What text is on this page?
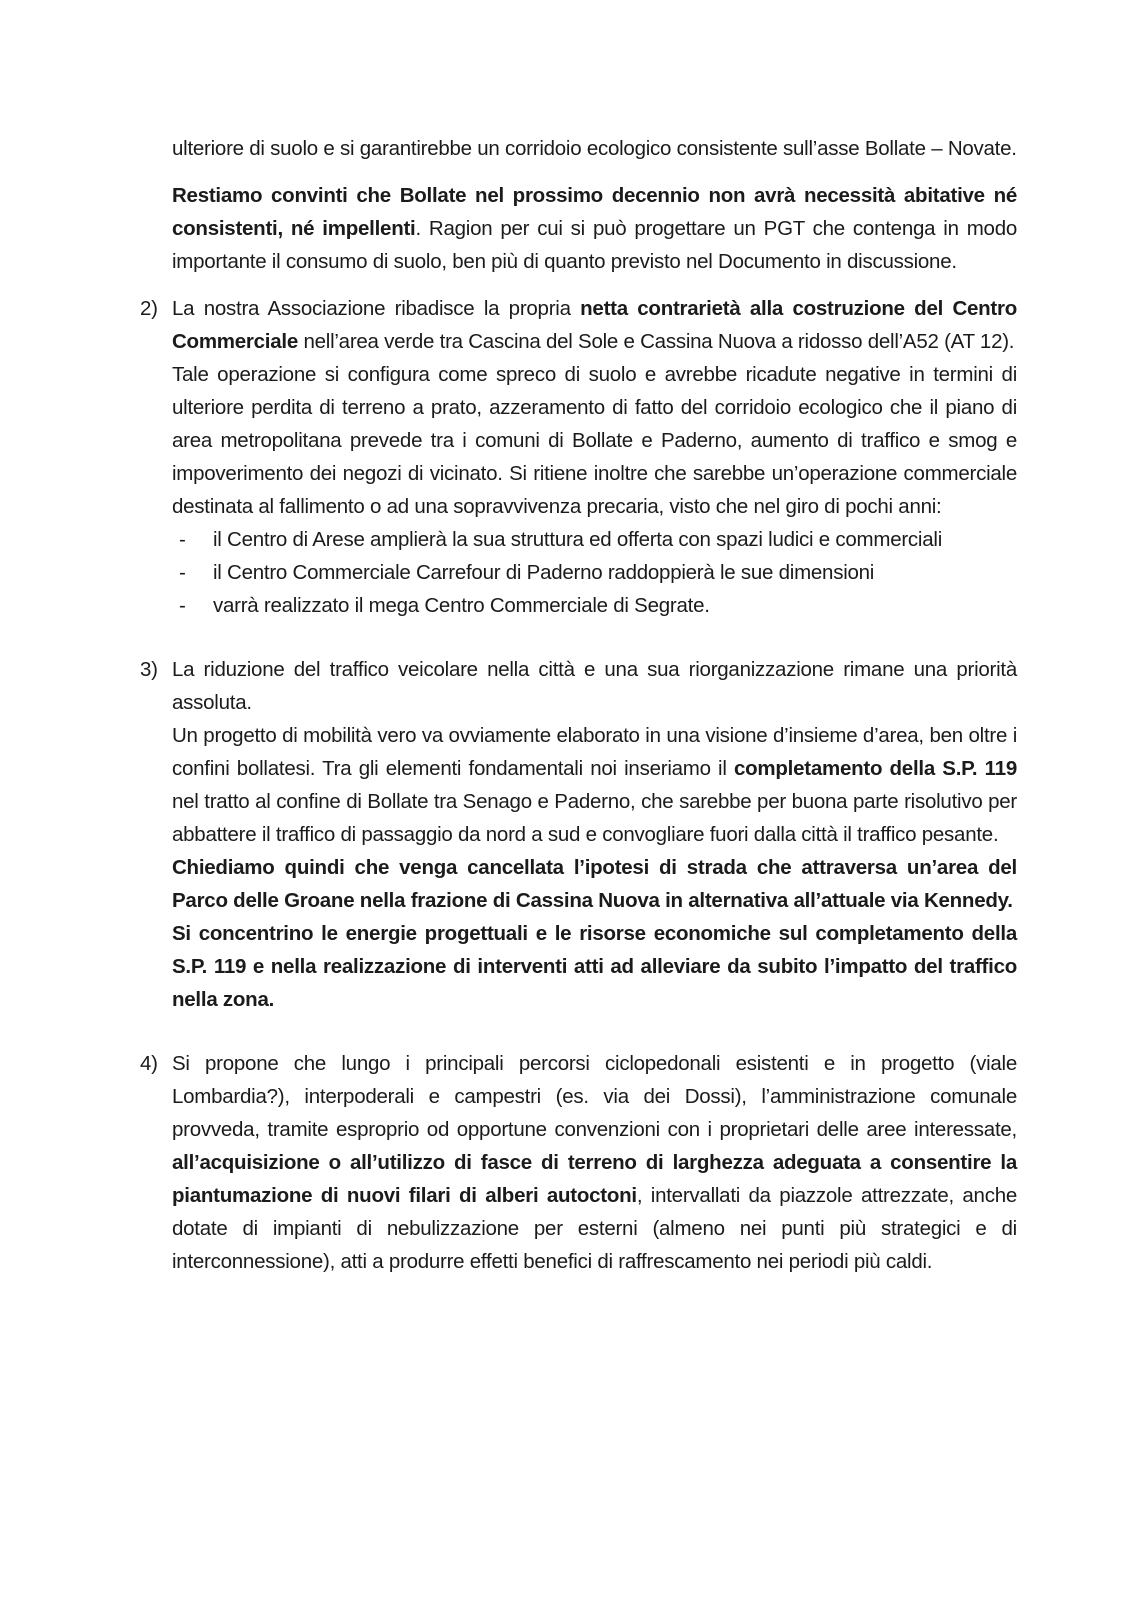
ulteriore di suolo e si garantirebbe un corridoio ecologico consistente sull’asse Bollate – Novate.

Restiamo convinti che Bollate nel prossimo decennio non avrà necessità abitative né consistenti, né impellenti. Ragion per cui si può progettare un PGT che contenga in modo importante il consumo di suolo, ben più di quanto previsto nel Documento in discussione.

2) La nostra Associazione ribadisce la propria netta contrarietà alla costruzione del Centro Commerciale nell’area verde tra Cascina del Sole e Cassina Nuova a ridosso dell’A52 (AT 12).

Tale operazione si configura come spreco di suolo e avrebbe ricadute negative in termini di ulteriore perdita di terreno a prato, azzeramento di fatto del corridoio ecologico che il piano di area metropolitana prevede tra i comuni di Bollate e Paderno, aumento di traffico e smog e impoverimento dei negozi di vicinato. Si ritiene inoltre che sarebbe un’operazione commerciale destinata al fallimento o ad una sopravvivenza precaria, visto che nel giro di pochi anni:

-	il Centro di Arese amplierà la sua struttura ed offerta con spazi ludici e commerciali

-	il Centro Commerciale Carrefour di Paderno raddoppierà le sue dimensioni

-	varrà realizzato il mega Centro Commerciale di Segrate.

3) La riduzione del traffico veicolare nella città e una sua riorganizzazione rimane una priorità assoluta.

Un progetto di mobilità vero va ovviamente elaborato in una visione d’insieme d’area, ben oltre i confini bollatesi. Tra gli elementi fondamentali noi inseriamo il completamento della S.P. 119 nel tratto al confine di Bollate tra Senago e Paderno, che sarebbe per buona parte risolutivo per abbattere il traffico di passaggio da nord a sud e convogliare fuori dalla città il traffico pesante.

Chiediamo quindi che venga cancellata l’ipotesi di strada che attraversa un’area del Parco delle Groane nella frazione di Cassina Nuova in alternativa all’attuale via Kennedy.

Si concentrino le energie progettuali e le risorse economiche sul completamento della S.P. 119 e nella realizzazione di interventi atti ad alleviare da subito l’impatto del traffico nella zona.

4) Si propone che lungo i principali percorsi ciclopedonali esistenti e in progetto (viale Lombardia?), interpoderali e campestri (es. via dei Dossi), l’amministrazione comunale provveda, tramite esproprio od opportune convenzioni con i proprietari delle aree interessate, all’acquisizione o all’utilizzo di fasce di terreno di larghezza adeguata a consentire la piantumazione di nuovi filari di alberi autoctoni, intervallati da piazzole attrezzate, anche dotate di impianti di nebulizzazione per esterni (almeno nei punti più strategici e di interconnessione), atti a produrre effetti benefici di raffrescamento nei periodi più caldi.
